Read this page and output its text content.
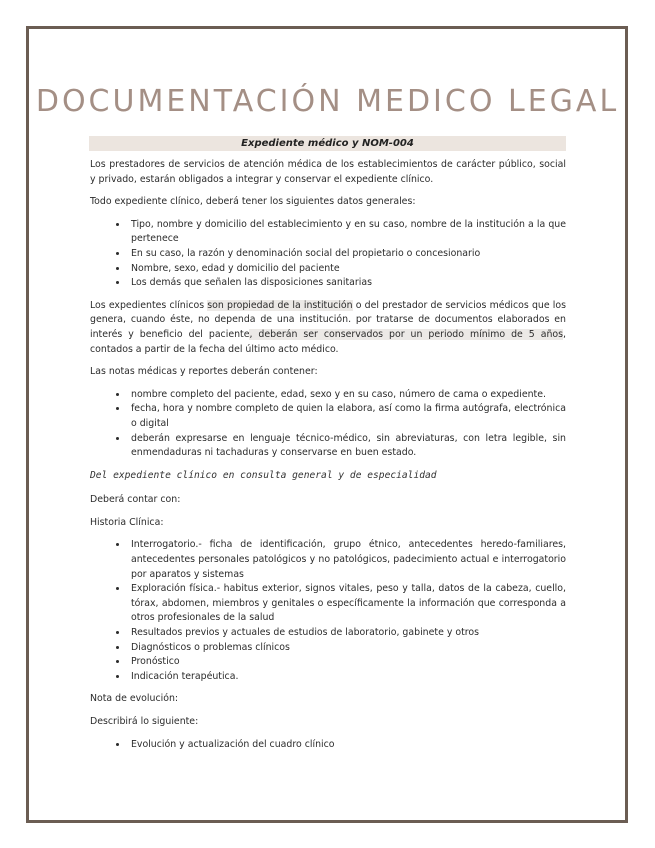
DOCUMENTACIÓN MEDICO LEGAL
Expediente médico y NOM-004

Los prestadores de servicios de atención médica de los establecimientos de carácter público, social y privado, estarán obligados a integrar y conservar el expediente clínico.

Todo expediente clínico, deberá tener los siguientes datos generales:

• Tipo, nombre y domicilio del establecimiento y en su caso, nombre de la institución a la que pertenece
• En su caso, la razón y denominación social del propietario o concesionario
• Nombre, sexo, edad y domicilio del paciente
• Los demás que señalen las disposiciones sanitarias

Los expedientes clínicos son propiedad de la institución o del prestador de servicios médicos que los genera, cuando éste, no dependa de una institución. por tratarse de documentos elaborados en interés y beneficio del paciente, deberán ser conservados por un periodo mínimo de 5 años, contados a partir de la fecha del último acto médico.

Las notas médicas y reportes deberán contener:

• nombre completo del paciente, edad, sexo y en su caso, número de cama o expediente.
• fecha, hora y nombre completo de quien la elabora, así como la firma autógrafa, electrónica o digital
• deberán expresarse en lenguaje técnico-médico, sin abreviaturas, con letra legible, sin enmendaduras ni tachaduras y conservarse en buen estado.

Del expediente clínico en consulta general y de especialidad

Deberá contar con:

Historia Clínica:

• Interrogatorio.- ficha de identificación, grupo étnico, antecedentes heredo-familiares, antecedentes personales patológicos y no patológicos, padecimiento actual e interrogatorio por aparatos y sistemas
• Exploración física.- habitus exterior, signos vitales, peso y talla, datos de la cabeza, cuello, tórax, abdomen, miembros y genitales o específicamente la información que corresponda a otros profesionales de la salud
• Resultados previos y actuales de estudios de laboratorio, gabinete y otros
• Diagnósticos o problemas clínicos
• Pronóstico
• Indicación terapéutica.

Nota de evolución:

Describirá lo siguiente:

• Evolución y actualización del cuadro clínico
